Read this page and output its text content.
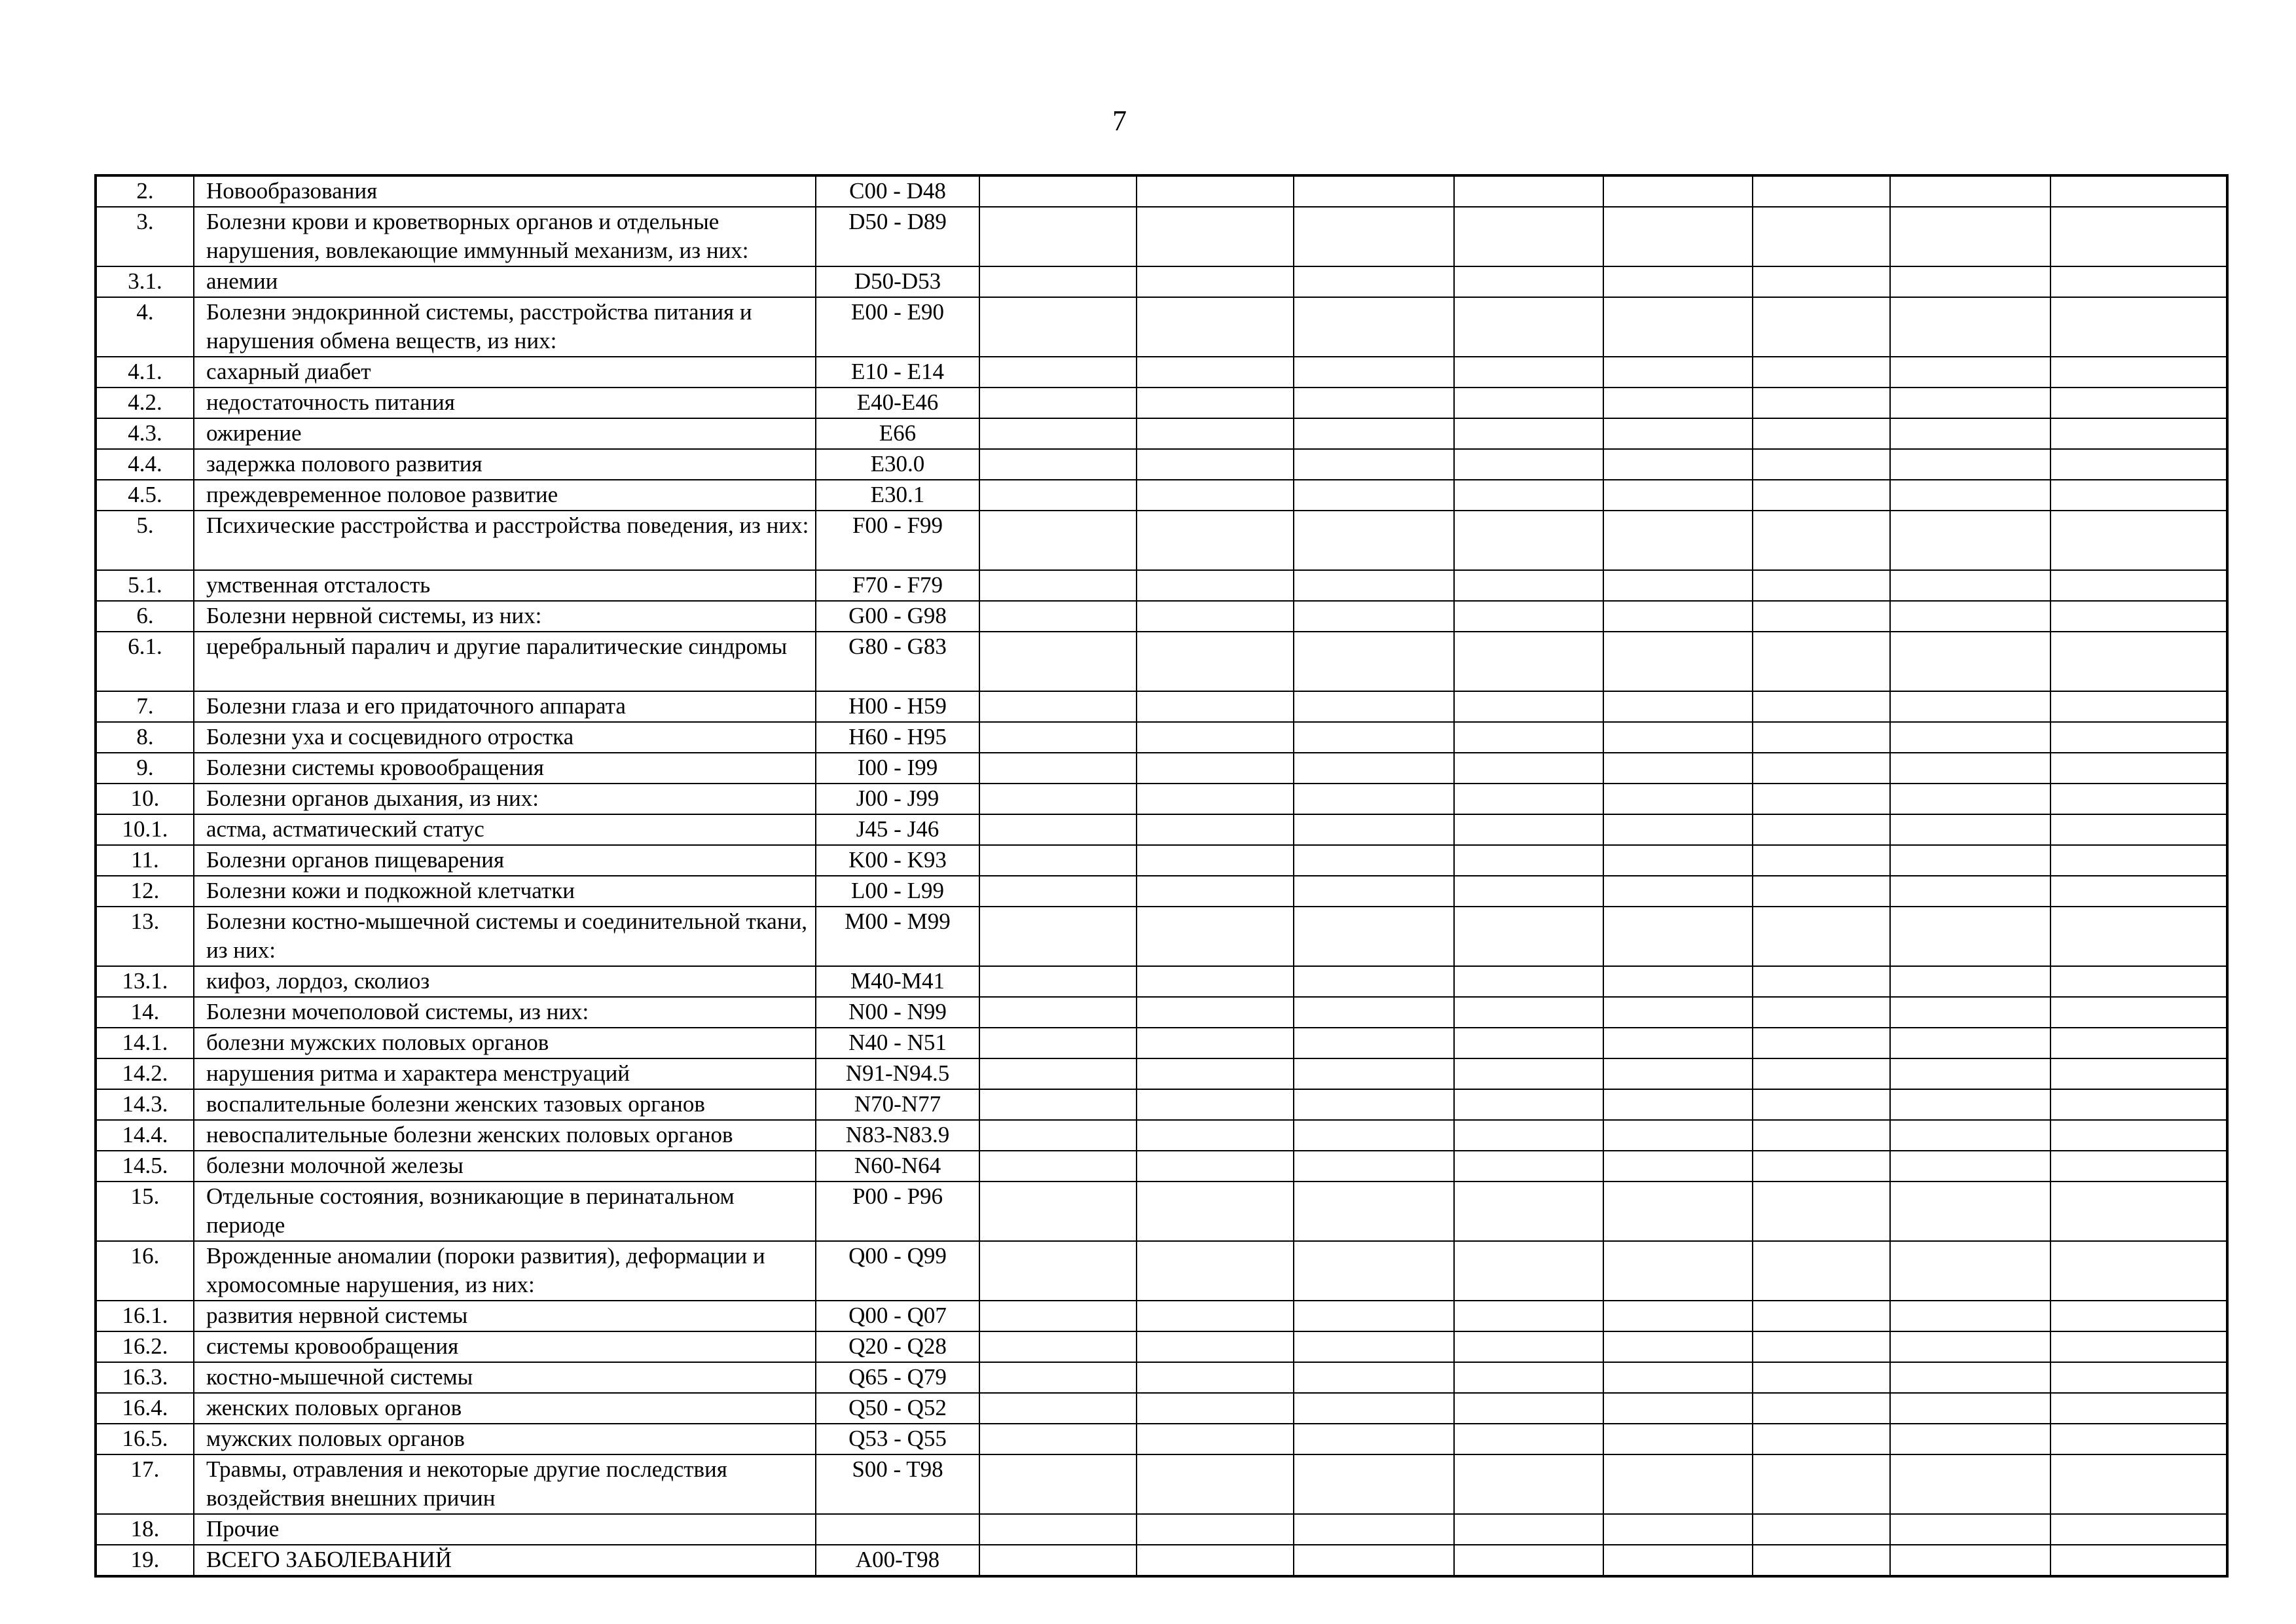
7
2.	Новообразования	C00 - D48								
3.	Болезни крови и кроветворных органов и отдельные нарушения, вовлекающие иммунный механизм, из них:	D50 - D89								
3.1.	анемии	D50-D53								
4.	Болезни эндокринной системы, расстройства питания и нарушения обмена веществ, из них:	E00 - E90								
4.1.	сахарный диабет	E10 - E14								
4.2.	недостаточность питания	E40-E46								
4.3.	ожирение	E66								
4.4.	задержка полового развития	E30.0								
4.5.	преждевременное половое развитие	E30.1								
5.	Психические расстройства и расстройства поведения, из них:	F00 - F99								
5.1.	умственная отсталость	F70 - F79								
6.	Болезни нервной системы, из них:	G00 - G98								
6.1.	церебральный паралич и другие паралитические синдромы	G80 - G83								
7.	Болезни глаза и его придаточного аппарата	H00 - H59								
8.	Болезни уха и сосцевидного отростка	H60 - H95								
9.	Болезни системы кровообращения	I00 - I99								
10.	Болезни органов дыхания, из них:	J00 - J99								
10.1.	астма, астматический статус	J45 - J46								
11.	Болезни органов пищеварения	K00 - K93								
12.	Болезни кожи и подкожной клетчатки	L00 - L99								
13.	Болезни костно-мышечной системы и соединительной ткани, из них:	M00 - M99								
13.1.	кифоз, лордоз, сколиоз	M40-M41								
14.	Болезни мочеполовой системы, из них:	N00 - N99								
14.1.	болезни мужских половых органов	N40 - N51								
14.2.	нарушения ритма и характера менструаций	N91-N94.5								
14.3.	воспалительные болезни женских тазовых органов	N70-N77								
14.4.	невоспалительные болезни женских половых органов	N83-N83.9								
14.5.	болезни молочной железы	N60-N64								
15.	Отдельные состояния, возникающие в перинатальном периоде	P00 - P96								
16.	Врожденные аномалии (пороки развития), деформации и хромосомные нарушения, из них:	Q00 - Q99								
16.1.	развития нервной системы	Q00 - Q07								
16.2.	системы кровообращения	Q20 - Q28								
16.3.	костно-мышечной системы	Q65 - Q79								
16.4.	женских половых органов	Q50 - Q52								
16.5.	мужских половых органов	Q53 - Q55								
17.	Травмы, отравления и некоторые другие последствия воздействия внешних причин	S00 - T98								
18.	Прочие									
19.	ВСЕГО ЗАБОЛЕВАНИЙ	A00-T98								
